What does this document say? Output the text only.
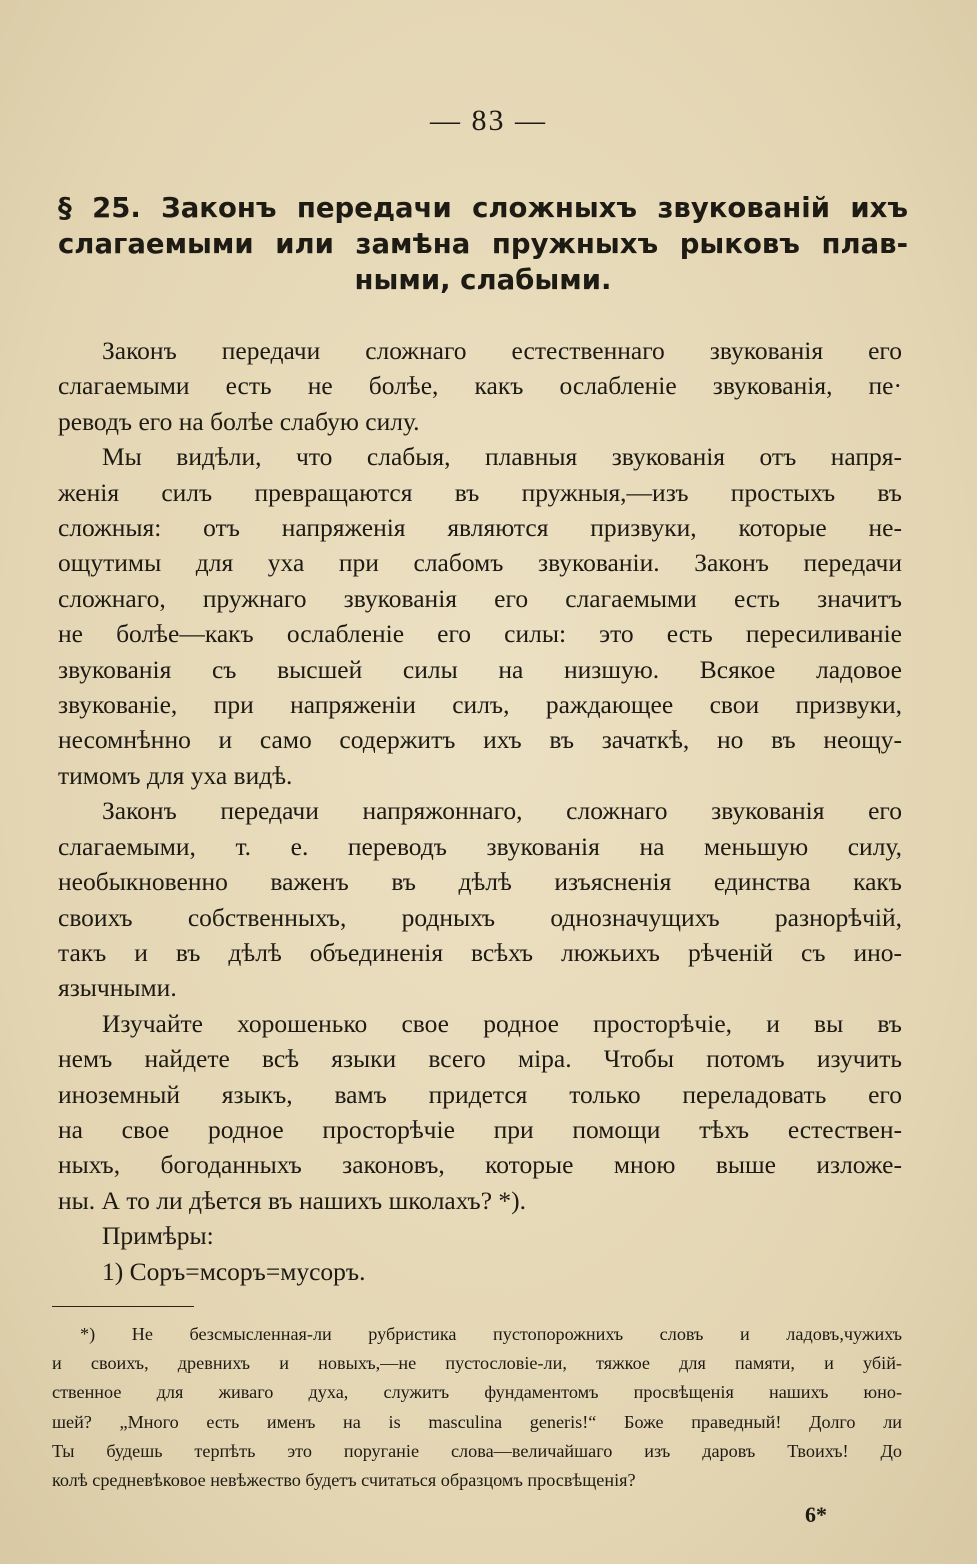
— 83 —
§ 25. Законъ передачи сложныхъ звукованій ихъ
слагаемыми или замѣна пружныхъ рыковъ плав-
ными, слабыми.
Законъ передачи сложнаго естественнаго звукованія его
слагаемыми есть не болѣе, какъ ослабленіе звукованія, пе·
реводъ его на болѣе слабую силу.
Мы видѣли, что слабыя, плавныя звукованія отъ напря-
женія силъ превращаются въ пружныя,—изъ простыхъ въ
сложныя: отъ напряженія являются призвуки, которые не-
ощутимы для уха при слабомъ звукованіи. Законъ передачи
сложнаго, пружнаго звукованія его слагаемыми есть значитъ
не болѣе—какъ ослабленіе его силы: это есть пересиливаніе
звукованія съ высшей силы на низшую. Всякое ладовое
звукованіе, при напряженіи силъ, раждающее свои призвуки,
несомнѣнно и само содержитъ ихъ въ зачаткѣ, но въ неощу-
тимомъ для уха видѣ.
Законъ передачи напряжоннаго, сложнаго звукованія его
слагаемыми, т. е. переводъ звукованія на меньшую силу,
необыкновенно важенъ въ дѣлѣ изъясненія единства какъ
своихъ собственныхъ, родныхъ однозначущихъ разнорѣчій,
такъ и въ дѣлѣ объединенія всѣхъ люжьихъ рѣченій съ ино-
язычными.
Изучайте хорошенько свое родное просторѣчіе, и вы въ
немъ найдете всѣ языки всего міра. Чтобы потомъ изучить
иноземный языкъ, вамъ придется только переладовать его
на свое родное просторѣчіе при помощи тѣхъ естествен-
ныхъ, богоданныхъ законовъ, которые мною выше изложе-
ны. А то ли дѣется въ нашихъ школахъ? *).
Примѣры:
1) Соръ=мсоръ=мусоръ.
*) Не безсмысленная-ли рубристика пустопорожнихъ словъ и ладовъ,чужихъ
и своихъ, древнихъ и новыхъ,—не пустословіе-ли, тяжкое для памяти, и убій-
ственное для живаго духа, служитъ фундаментомъ просвѣщенія нашихъ юно-
шей? „Много есть именъ на is masculina generis!“ Боже праведный! Долго ли
Ты будешь терпѣть это поруганіе слова—величайшаго изъ даровъ Твоихъ! До
колѣ средневѣковое невѣжество будетъ считаться образцомъ просвѣщенія?
6*
